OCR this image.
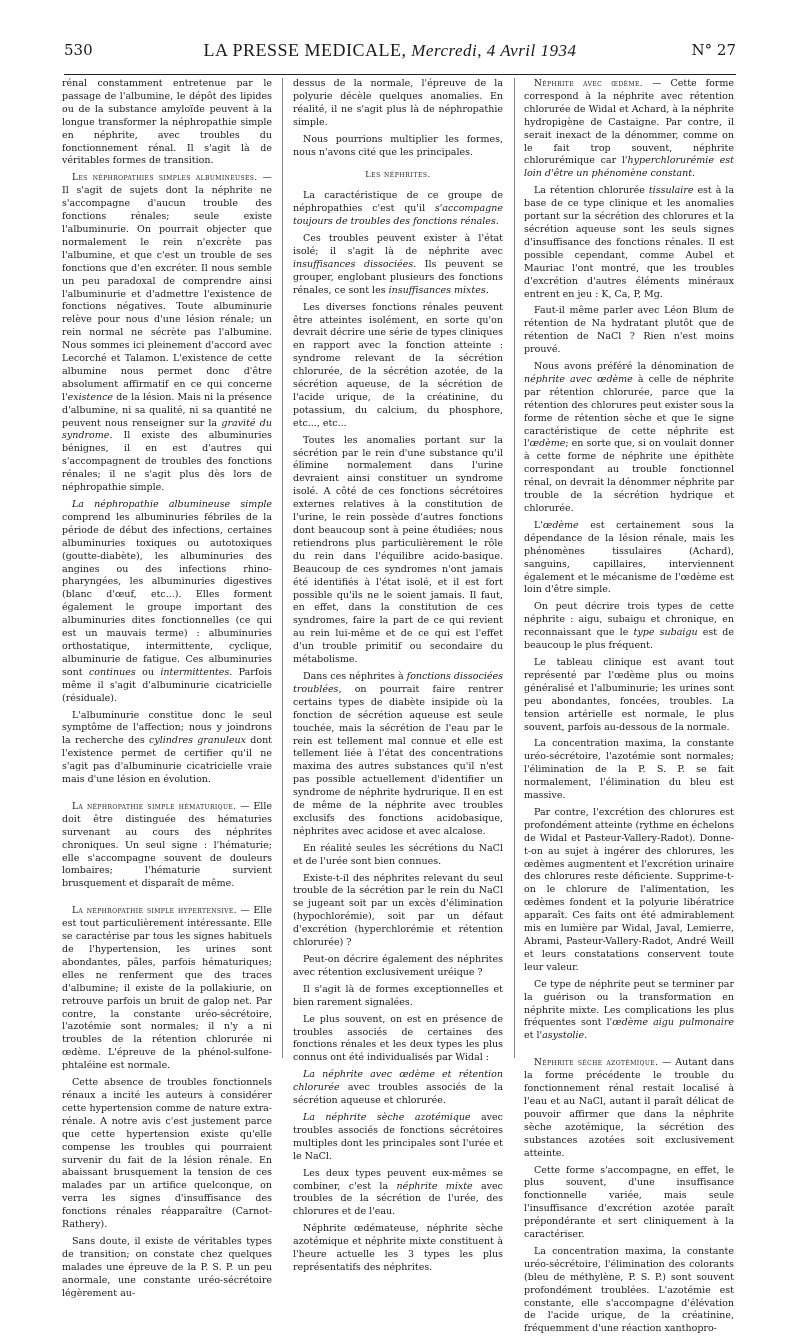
530	LA PRESSE MEDICALE, Mercredi, 4 Avril 1934	N° 27

rénal constamment entretenue par le passage de l'albumine, le dépôt des lipides ou de la substance amyloïde peuvent à la longue transformer la néphropathie simple en néphrite, avec troubles du fonctionnement rénal. Il s'agit là de véritables formes de transition.

Les néphropathies simples albumineuses. — Il s'agit de sujets dont la néphrite ne s'accompagne d'aucun trouble des fonctions rénales; seule existe l'albuminurie. On pourrait objecter que normalement le rein n'excrète pas l'albumine, et que c'est un trouble de ses fonctions que d'en excréter. Il nous semble un peu paradoxal de comprendre ainsi l'albuminurie et d'admettre l'existence de fonctions négatives. Toute albuminurie relève pour nous d'une lésion rénale; un rein normal ne sécrète pas l'albumine. Nous sommes ici pleinement d'accord avec Lecorché et Talamon. L'existence de cette albumine nous permet donc d'être absolument affirmatif en ce qui concerne l'existence de la lésion. Mais ni la présence d'albumine, ni sa qualité, ni sa quantité ne peuvent nous renseigner sur la gravité du syndrome. Il existe des albuminuries bénignes, il en est d'autres qui s'accompagnent de troubles des fonctions rénales; il ne s'agit plus dès lors de néphropathie simple.

La néphropathie albumineuse simple comprend les albuminuries fébriles de la période de début des infections, certaines albuminuries toxiques ou autotoxiques (goutte-diabète), les albuminuries des angines ou des infections rhino-pharyngées, les albuminuries digestives (blanc d'œuf, etc...). Elles forment également le groupe important des albuminuries dites fonctionnelles (ce qui est un mauvais terme) : albuminuries orthostatique, intermittente, cyclique, albuminurie de fatigue. Ces albuminuries sont continues ou intermittentes. Parfois même il s'agit d'albuminurie cicatricielle (résiduale).

L'albuminurie constitue donc le seul symptôme de l'affection; nous y joindrons la recherche des cylindres granuleux dont l'existence permet de certifier qu'il ne s'agit pas d'albuminurie cicatricielle vraie mais d'une lésion en évolution.

La néphropathie simple hématurique. — Elle doit être distinguée des hématuries survenant au cours des néphrites chroniques. Un seul signe : l'hématurie; elle s'accompagne souvent de douleurs lombaires; l'hématurie survient brusquement et disparaît de même.

La néphropathie simple hypertensive. — Elle est tout particulièrement intéressante. Elle se caractérise par tous les signes habituels de l'hypertension, les urines sont abondantes, pâles, parfois hématuriques; elles ne renferment que des traces d'albumine; il existe de la pollakiurie, on retrouve parfois un bruit de galop net. Par contre, la constante uréo-sécrétoire, l'azotémie sont normales; il n'y a ni troubles de la rétention chlorurée ni œdème. L'épreuve de la phénol-sulfone-phtaléine est normale.

Cette absence de troubles fonctionnels rénaux a incité les auteurs à considérer cette hypertension comme de nature extra-rénale. A notre avis c'est justement parce que cette hypertension existe qu'elle compense les troubles qui pourraient survenir du fait de la lésion rénale. En abaissant brusquement la tension de ces malades par un artifice quelconque, on verra les signes d'insuffisance des fonctions rénales réapparaître (Carnot-Rathery).

Sans doute, il existe de véritables types de transition; on constate chez quelques malades une épreuve de la P. S. P. un peu anormale, une constante uréo-sécrétoire légèrement au-

dessus de la normale, l'épreuve de la polyurie décèle quelques anomalies. En réalité, il ne s'agit plus là de néphropathie simple.

Nous pourrions multiplier les formes, nous n'avons cité que les principales.

Les néphrites.

La caractéristique de ce groupe de néphropathies c'est qu'il s'accompagne toujours de troubles des fonctions rénales.

Ces troubles peuvent exister à l'état isolé; il s'agit là de néphrite avec insuffisances dissociées. Ils peuvent se grouper, englobant plusieurs des fonctions rénales, ce sont les insuffisances mixtes.

Les diverses fonctions rénales peuvent être atteintes isolément, en sorte qu'on devrait décrire une série de types cliniques en rapport avec la fonction atteinte : syndrome relevant de la sécrétion chlorurée, de la sécrétion azotée, de la sécrétion aqueuse, de la sécrétion de l'acide urique, de la créatinine, du potassium, du calcium, du phosphore, etc..., etc...

Toutes les anomalies portant sur la sécrétion par le rein d'une substance qu'il élimine normalement dans l'urine devraient ainsi constituer un syndrome isolé. A côté de ces fonctions sécrétoires externes relatives à la constitution de l'urine, le rein possède d'autres fonctions dont beaucoup sont à peine étudiées; nous retiendrons plus particulièrement le rôle du rein dans l'équilibre acido-basique. Beaucoup de ces syndromes n'ont jamais été identifiés à l'état isolé, et il est fort possible qu'ils ne le soient jamais. Il faut, en effet, dans la constitution de ces syndromes, faire la part de ce qui revient au rein lui-même et de ce qui est l'effet d'un trouble primitif ou secondaire du métabolisme.

Dans ces néphrites à fonctions dissociées troublées, on pourrait faire rentrer certains types de diabète insipide où la fonction de sécrétion aqueuse est seule touchée, mais la sécrétion de l'eau par le rein est tellement mal connue et elle est tellement liée à l'état des concentrations maxima des autres substances qu'il n'est pas possible actuellement d'identifier un syndrome de néphrite hydrurique. Il en est de même de la néphrite avec troubles exclusifs des fonctions acidobasique, néphrites avec acidose et avec alcalose.

En réalité seules les sécrétions du NaCl et de l'urée sont bien connues.

Existe-t-il des néphrites relevant du seul trouble de la sécrétion par le rein du NaCl se jugeant soit par un excès d'élimination (hypochlorémie), soit par un défaut d'excrétion (hyperchlorémie et rétention chlorurée) ?

Peut-on décrire également des néphrites avec rétention exclusivement uréique ?

Il s'agit là de formes exceptionnelles et bien rarement signalées.

Le plus souvent, on est en présence de troubles associés de certaines des fonctions rénales et les deux types les plus connus ont été individualisés par Widal :

La néphrite avec œdème et rétention chlorurée avec troubles associés de la sécrétion aqueuse et chlorurée.

La néphrite sèche azotémique avec troubles associés de fonctions sécrétoires multiples dont les principales sont l'urée et le NaCl.

Les deux types peuvent eux-mêmes se combiner, c'est la néphrite mixte avec troubles de la sécrétion de l'urée, des chlorures et de l'eau.

Néphrite œdémateuse, néphrite sèche azotémique et néphrite mixte constituent à l'heure actuelle les 3 types les plus représentatifs des néphrites.

Néphrite avec œdème. — Cette forme correspond à la néphrite avec rétention chlorurée de Widal et Achard, à la néphrite hydropigène de Castaigne. Par contre, il serait inexact de la dénommer, comme on le fait trop souvent, néphrite chlorurémique car l'hyperchlorurémie est loin d'être un phénomène constant.

La rétention chlorurée tissulaire est à la base de ce type clinique et les anomalies portant sur la sécrétion des chlorures et la sécrétion aqueuse sont les seuls signes d'insuffisance des fonctions rénales. Il est possible cependant, comme Aubel et Mauriac l'ont montré, que les troubles d'excrétion d'autres éléments minéraux entrent en jeu : K, Ca, P, Mg.

Faut-il même parler avec Léon Blum de rétention de Na hydratant plutôt que de rétention de NaCl ? Rien n'est moins prouvé.

Nous avons préféré la dénomination de néphrite avec œdème à celle de néphrite par rétention chlorurée, parce que la rétention des chlorures peut exister sous la forme de rétention sèche et que le signe caractéristique de cette néphrite est l'œdème; en sorte que, si on voulait donner à cette forme de néphrite une épithète correspondant au trouble fonctionnel rénal, on devrait la dénommer néphrite par trouble de la sécrétion hydrique et chlorurée.

L'œdème est certainement sous la dépendance de la lésion rénale, mais les phénomènes tissulaires (Achard), sanguins, capillaires, interviennent également et le mécanisme de l'œdème est loin d'être simple.

On peut décrire trois types de cette néphrite : aigu, subaigu et chronique, en reconnaissant que le type subaigu est de beaucoup le plus fréquent.

Le tableau clinique est avant tout représenté par l'œdème plus ou moins généralisé et l'albuminurie; les urines sont peu abondantes, foncées, troubles. La tension artérielle est normale, le plus souvent, parfois au-dessous de la normale.

La concentration maxima, la constante uréo-sécrétoire, l'azotémie sont normales; l'élimination de la P. S. P. se fait normalement, l'élimination du bleu est massive.

Par contre, l'excrétion des chlorures est profondément atteinte (rythme en échelons de Widal et Pasteur-Vallery-Radot). Donne-t-on au sujet à ingérer des chlorures, les œdèmes augmentent et l'excrétion urinaire des chlorures reste déficiente. Supprime-t-on le chlorure de l'alimentation, les œdèmes fondent et la polyurie libératrice apparaît. Ces faits ont été admirablement mis en lumière par Widal, Javal, Lemierre, Abrami, Pasteur-Vallery-Radot, André Weill et leurs constatations conservent toute leur valeur.

Ce type de néphrite peut se terminer par la guérison ou la transformation en néphrite mixte. Les complications les plus fréquentes sont l'œdème aigu pulmonaire et l'asystolie.

Néphrite sèche azotémique. — Autant dans la forme précédente le trouble du fonctionnement rénal restait localisé à l'eau et au NaCl, autant il paraît délicat de pouvoir affirmer que dans la néphrite sèche azotémique, la sécrétion des substances azotées soit exclusivement atteinte.

Cette forme s'accompagne, en effet, le plus souvent, d'une insuffisance fonctionnelle variée, mais seule l'insuffisance d'excrétion azotée paraît prépondérante et sert cliniquement à la caractériser.

La concentration maxima, la constante uréo-sécrétoire, l'élimination des colorants (bleu de méthylène, P. S. P.) sont souvent profondément troublées. L'azotémie est constante, elle s'accompagne d'élévation de l'acide urique, de la créatinine, fréquemment d'une réaction xanthopro-
